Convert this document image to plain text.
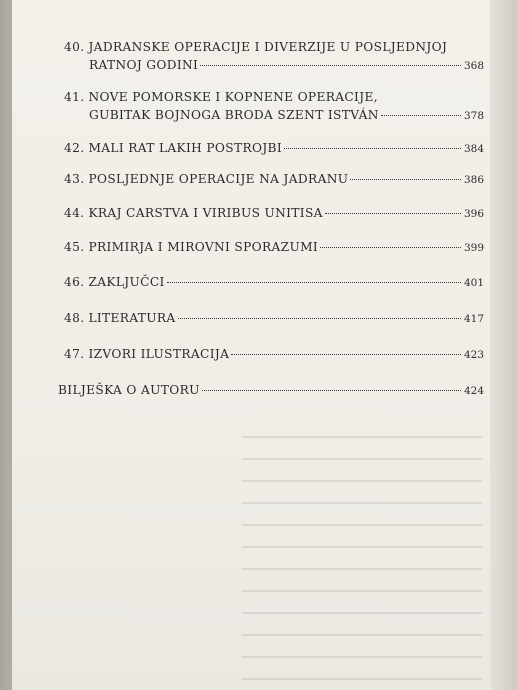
40. JADRANSKE OPERACIJE I DIVERZIJE U POSLJEDNJOJ
RATNOJ GODINI	368
41. NOVE POMORSKE I KOPNENE OPERACIJE,
GUBITAK BOJNOGA BRODA SZENT ISTVÁN	378
42. MALI RAT LAKIH POSTROJBI	384
43. POSLJEDNJE OPERACIJE NA JADRANU	386
44. KRAJ CARSTVA I VIRIBUS UNITISA	396
45. PRIMIRJA I MIROVNI SPORAZUMI	399
46. ZAKLJUČCI	401
48. LITERATURA	417
47. IZVORI ILUSTRACIJA	423
BILJEŠKA O AUTORU	424
